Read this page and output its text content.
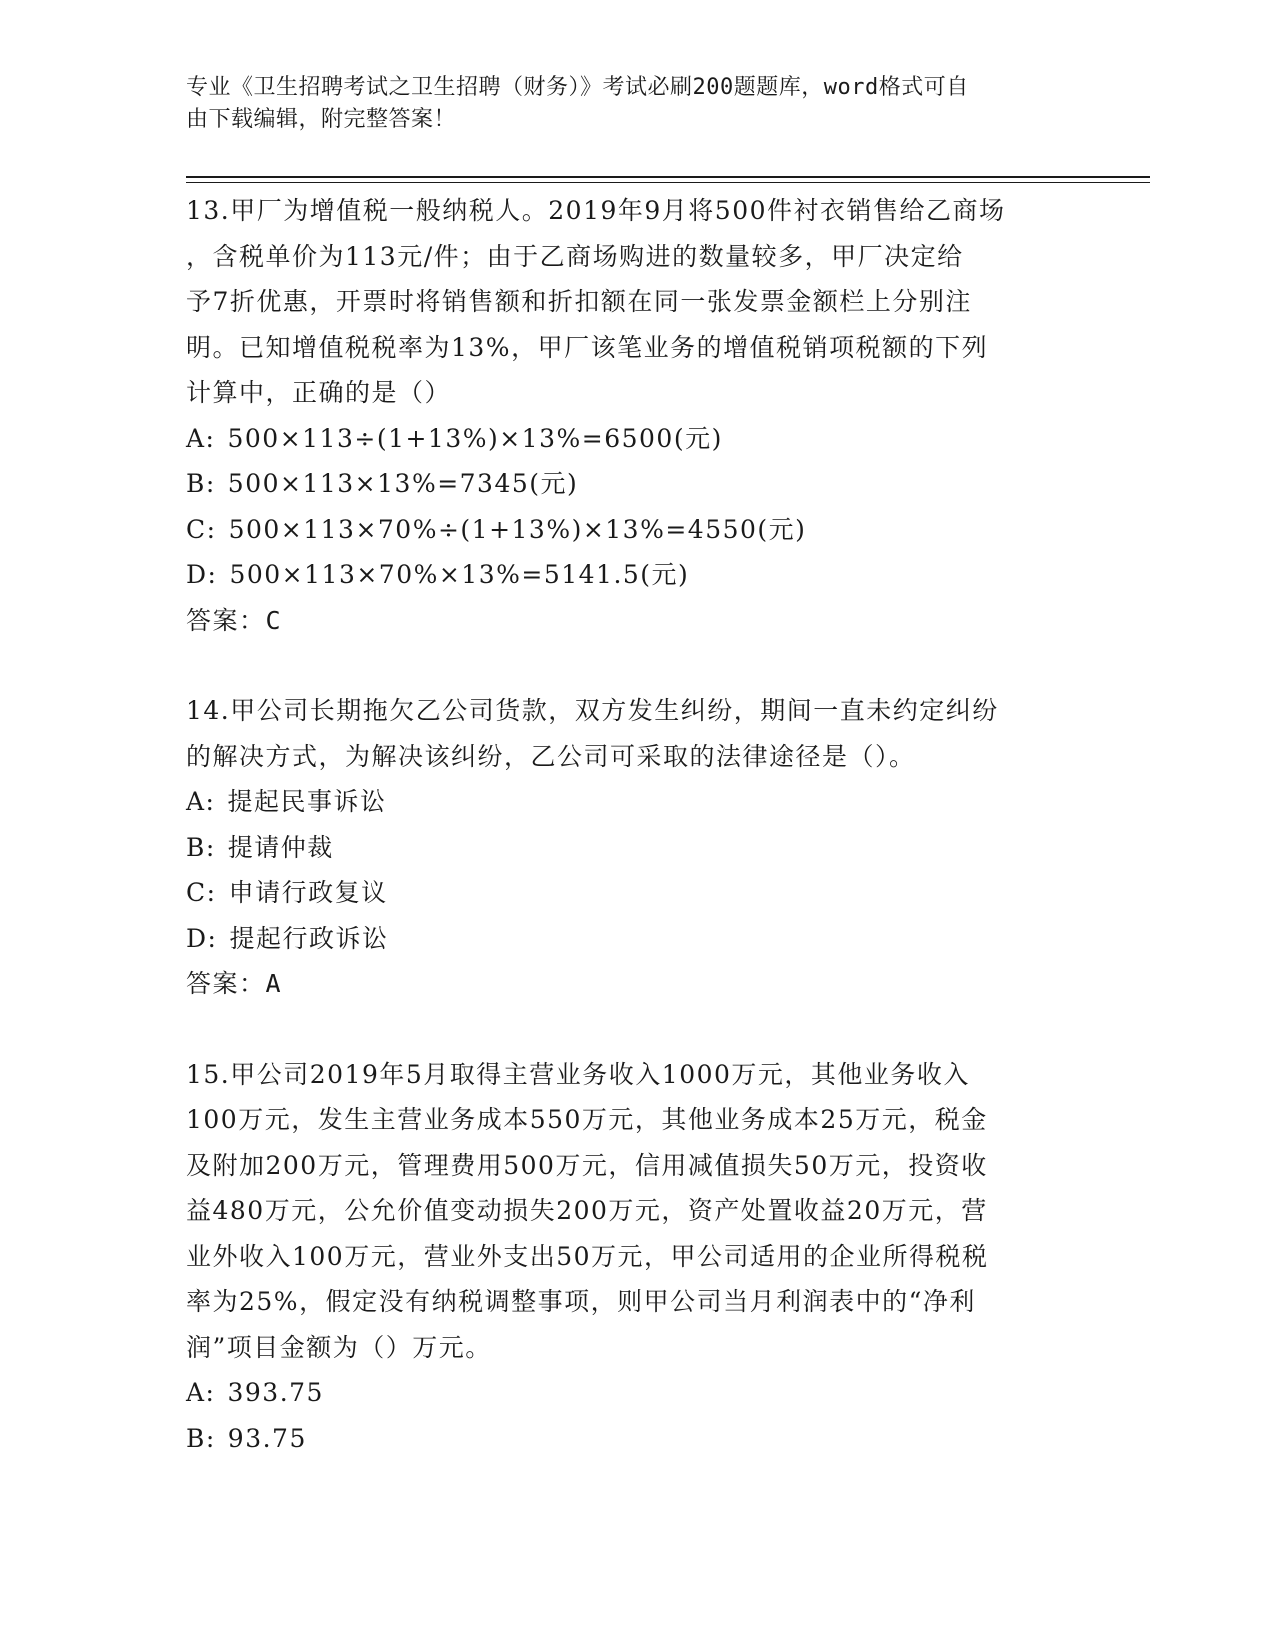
专业《卫生招聘考试之卫生招聘（财务）》考试必刷200题题库，word格式可自
由下载编辑，附完整答案！

13.甲厂为增值税一般纳税人。2019年9月将500件衬衣销售给乙商场
，含税单价为113元/件；由于乙商场购进的数量较多，甲厂决定给
予7折优惠，开票时将销售额和折扣额在同一张发票金额栏上分别注
明。已知增值税税率为13%，甲厂该笔业务的增值税销项税额的下列
计算中，正确的是（）

A: 500×113÷(1+13%)×13%=6500(元)

B: 500×113×13%=7345(元)

C: 500×113×70%÷(1+13%)×13%=4550(元)

D: 500×113×70%×13%=5141.5(元)

答案：C

14.甲公司长期拖欠乙公司货款，双方发生纠纷，期间一直未约定纠纷
的解决方式，为解决该纠纷，乙公司可采取的法律途径是（）。

A: 提起民事诉讼

B: 提请仲裁

C: 申请行政复议

D: 提起行政诉讼

答案：A

15.甲公司2019年5月取得主营业务收入1000万元，其他业务收入
100万元，发生主营业务成本550万元，其他业务成本25万元，税金
及附加200万元，管理费用500万元，信用减值损失50万元，投资收
益480万元，公允价值变动损失200万元，资产处置收益20万元，营
业外收入100万元，营业外支出50万元，甲公司适用的企业所得税税
率为25%，假定没有纳税调整事项，则甲公司当月利润表中的“净利
润”项目金额为（）万元。

A: 393.75

B: 93.75
